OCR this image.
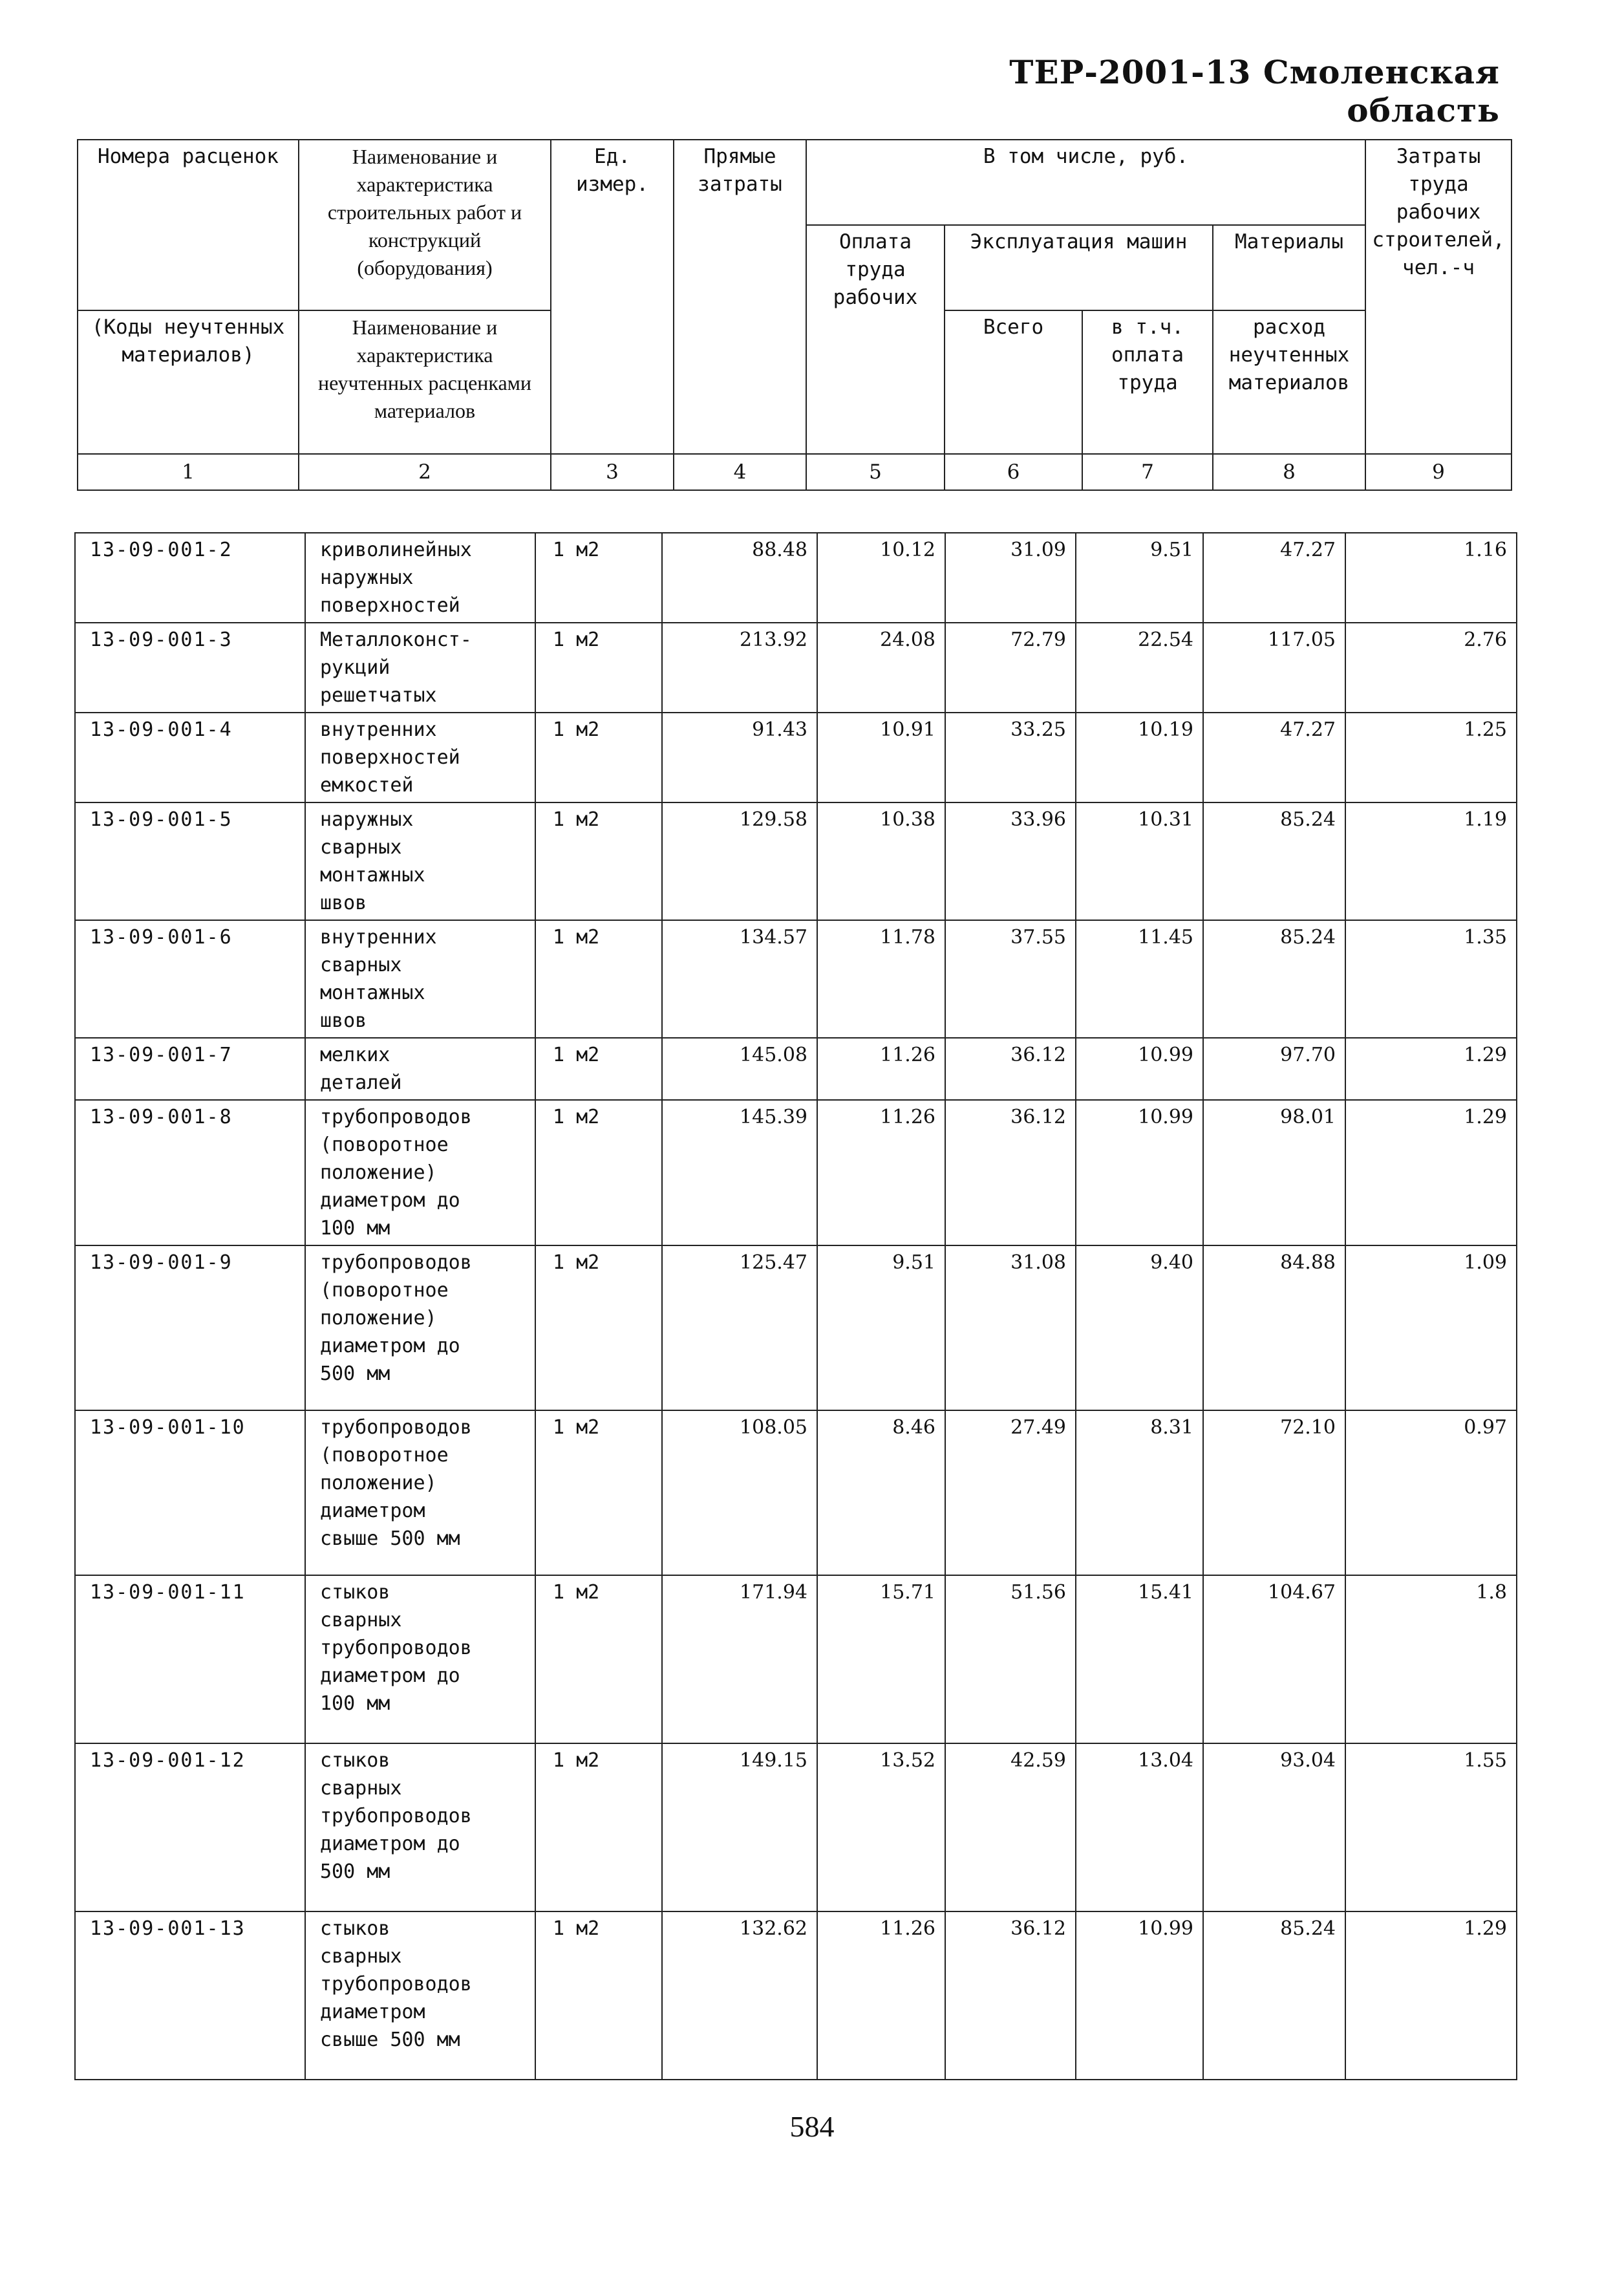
ТЕР-2001-13 Смоленская область
Номера расценок	Наименование и характеристика строительных работ и конструкций (оборудования)	Ед. измер.	Прямые затраты	В том числе, руб.				Затраты труда рабочих строителей, чел.-ч
				Оплата труда рабочих	Эксплуатация машин		Материалы	
(Коды неучтенных материалов)	Наименование и характеристика неучтенных расценками материалов				Всего	в т.ч. оплата труда	расход неучтенных материалов	
1	2	3	4	5	6	7	8	9
13-09-001-2	криволинейных
наружных
поверхностей	1 м2	88.48	10.12	31.09	9.51	47.27	1.16
13-09-001-3	Металлоконст-
рукций
решетчатых	1 м2	213.92	24.08	72.79	22.54	117.05	2.76
13-09-001-4	внутренних
поверхностей
емкостей	1 м2	91.43	10.91	33.25	10.19	47.27	1.25
13-09-001-5	наружных
сварных
монтажных
швов	1 м2	129.58	10.38	33.96	10.31	85.24	1.19
13-09-001-6	внутренних
сварных
монтажных
швов	1 м2	134.57	11.78	37.55	11.45	85.24	1.35
13-09-001-7	мелких
деталей	1 м2	145.08	11.26	36.12	10.99	97.70	1.29
13-09-001-8	трубопроводов
(поворотное
положение)
диаметром до
100 мм	1 м2	145.39	11.26	36.12	10.99	98.01	1.29
13-09-001-9	трубопроводов
(поворотное
положение)
диаметром до
500 мм	1 м2	125.47	9.51	31.08	9.40	84.88	1.09
13-09-001-10	трубопроводов
(поворотное
положение)
диаметром
свыше 500 мм	1 м2	108.05	8.46	27.49	8.31	72.10	0.97
13-09-001-11	стыков
сварных
трубопроводов
диаметром до
100 мм	1 м2	171.94	15.71	51.56	15.41	104.67	1.8
13-09-001-12	стыков
сварных
трубопроводов
диаметром до
500 мм	1 м2	149.15	13.52	42.59	13.04	93.04	1.55
13-09-001-13	стыков
сварных
трубопроводов
диаметром
свыше 500 мм	1 м2	132.62	11.26	36.12	10.99	85.24	1.29
584
